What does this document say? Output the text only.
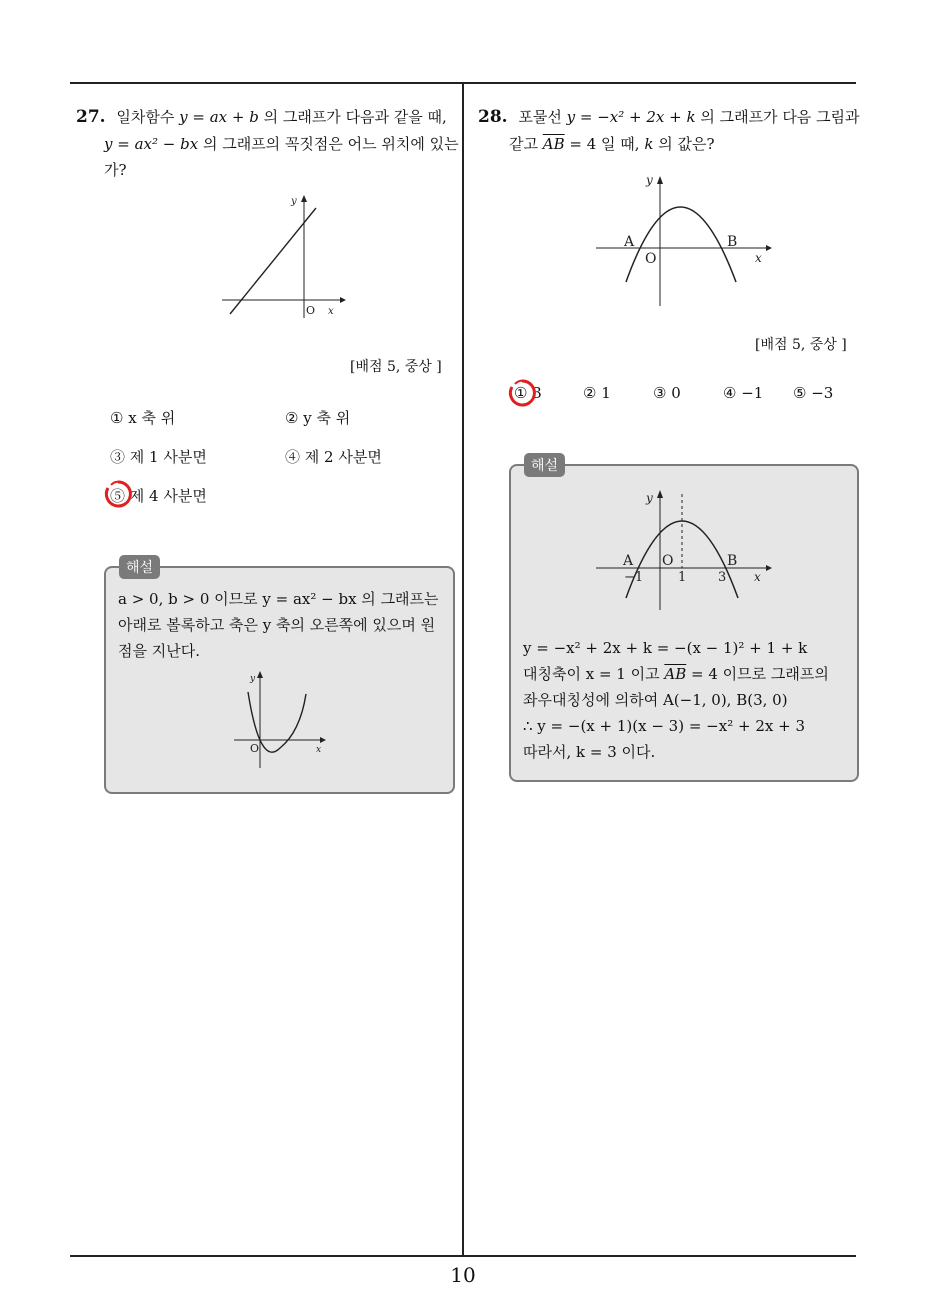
27. 일차함수 y = ax + b 의 그래프가 다음과 같을 때,
y = ax² − bx 의 그래프의 꼭짓점은 어느 위치에 있는
가?
y
O x
[배점 5, 중상 ]
① x 축 위	② y 축 위
③ 제 1 사분면	④ 제 2 사분면
⑤ 제 4 사분면
해설
a > 0, b > 0 이므로 y = ax² − bx 의 그래프는
아래로 볼록하고 축은 y 축의 오른쪽에 있으며 원
점을 지난다.
y
O	x
28. 포물선 y = −x² + 2x + k 의 그래프가 다음 그림과
같고 $\overline{AB} = 4$ 일 때, k 의 값은?
y
A	B
O	x
[배점 5, 중상 ]
① 3	② 1	③ 0	④ −1 ⑤ −3
해설
y
A O	B
−1	1 3 x
y = −x² + 2x + k = −(x − 1)² + 1 + k
대칭축이 x = 1 이고 $\overline{AB} = 4$ 이므로 그래프의
좌우대칭성에 의하여 A(−1, 0), B(3, 0)
∴ y = −(x + 1)(x − 3) = −x² + 2x + 3
따라서, k = 3 이다.
10
